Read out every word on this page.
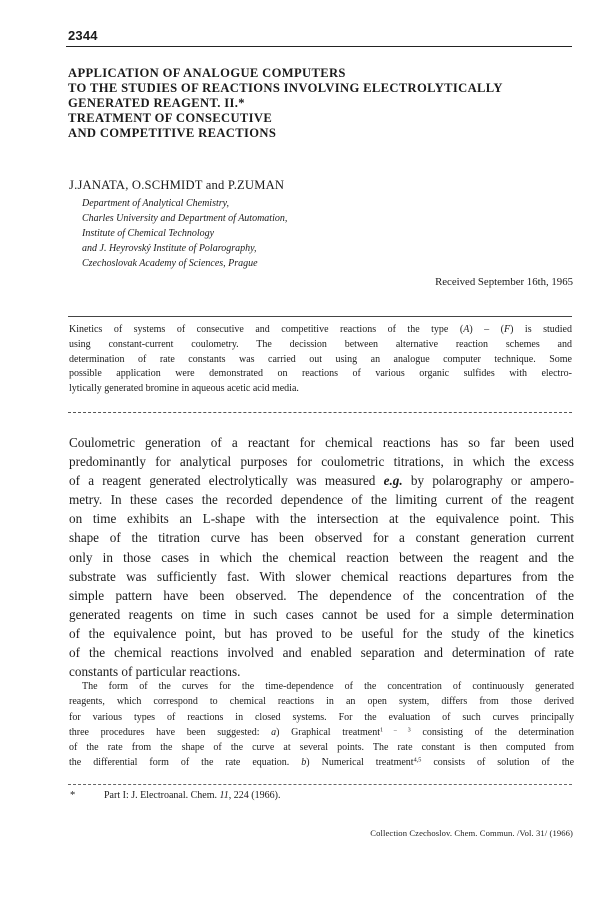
2344
APPLICATION OF ANALOGUE COMPUTERS
TO THE STUDIES OF REACTIONS INVOLVING ELECTROLYTICALLY
GENERATED REAGENT. II.*
TREATMENT OF CONSECUTIVE
AND COMPETITIVE REACTIONS
J.JANATA, O.SCHMIDT and P.ZUMAN
Department of Analytical Chemistry,
Charles University and Department of Automation,
Institute of Chemical Technology
and J. Heyrovský Institute of Polarography,
Czechoslovak Academy of Sciences, Prague
Received September 16th, 1965
Kinetics of systems of consecutive and competitive reactions of the type (A) – (F) is studied
using constant-current coulometry. The decission between alternative reaction schemes and
determination of rate constants was carried out using an analogue computer technique. Some
possible application were demonstrated on reactions of various organic sulfides with electro-
lytically generated bromine in aqueous acetic acid media.
Coulometric generation of a reactant for chemical reactions has so far been used
predominantly for analytical purposes for coulometric titrations, in which the excess
of a reagent generated electrolytically was measured e.g. by polarography or ampero-
metry. In these cases the recorded dependence of the limiting current of the reagent
on time exhibits an L-shape with the intersection at the equivalence point. This
shape of the titration curve has been observed for a constant generation current
only in those cases in which the chemical reaction between the reagent and the
substrate was sufficiently fast. With slower chemical reactions departures from the
simple pattern have been observed. The dependence of the concentration of the
generated reagents on time in such cases cannot be used for a simple determination
of the equivalence point, but has proved to be useful for the study of the kinetics
of the chemical reactions involved and enabled separation and determination of rate
constants of particular reactions.
The form of the curves for the time-dependence of the concentration of continuously generated
reagents, which correspond to chemical reactions in an open system, differs from those derived
for various types of reactions in closed systems. For the evaluation of such curves principally
three procedures have been suggested: a) Graphical treatment$^{1 - 3}$ consisting of the determination
of the rate from the shape of the curve at several points. The rate constant is then computed from
the differential form of the rate equation. b) Numerical treatment$^{4,5}$ consists of solution of the
*	Part I: J. Electroanal. Chem. 11, 224 (1966).
Collection Czechoslov. Chem. Commun. /Vol. 31/ (1966)
